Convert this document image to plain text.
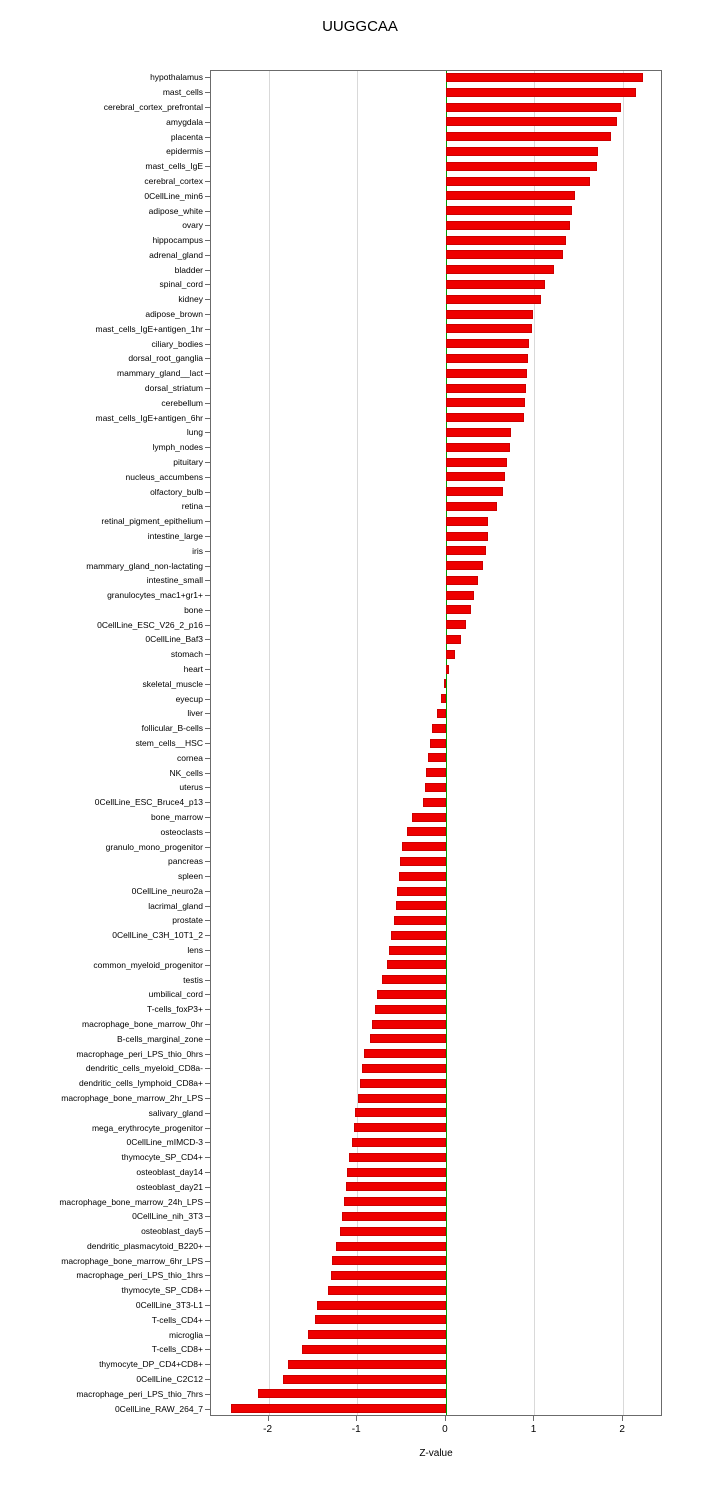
UUGGCAA
hypothalamus
mast_cells
cerebral_cortex_prefrontal
amygdala
placenta
epidermis
mast_cells_IgE
cerebral_cortex
0CellLine_min6
adipose_white
ovary
hippocampus
adrenal_gland
bladder
spinal_cord
kidney
adipose_brown
mast_cells_IgE+antigen_1hr
ciliary_bodies
dorsal_root_ganglia
mammary_gland__lact
dorsal_striatum
cerebellum
mast_cells_IgE+antigen_6hr
lung
lymph_nodes
pituitary
nucleus_accumbens
olfactory_bulb
retina
retinal_pigment_epithelium
intestine_large
iris
mammary_gland_non-lactating
intestine_small
granulocytes_mac1+gr1+
bone
0CellLine_ESC_V26_2_p16
0CellLine_Baf3
stomach
heart
skeletal_muscle
eyecup
liver
follicular_B-cells
stem_cells__HSC
cornea
NK_cells
uterus
0CellLine_ESC_Bruce4_p13
bone_marrow
osteoclasts
granulo_mono_progenitor
pancreas
spleen
0CellLine_neuro2a
lacrimal_gland
prostate
0CellLine_C3H_10T1_2
lens
common_myeloid_progenitor
testis
umbilical_cord
T-cells_foxP3+
macrophage_bone_marrow_0hr
B-cells_marginal_zone
macrophage_peri_LPS_thio_0hrs
dendritic_cells_myeloid_CD8a-
dendritic_cells_lymphoid_CD8a+
macrophage_bone_marrow_2hr_LPS
salivary_gland
mega_erythrocyte_progenitor
0CellLine_mIMCD-3
thymocyte_SP_CD4+
osteoblast_day14
osteoblast_day21
macrophage_bone_marrow_24h_LPS
0CellLine_nih_3T3
osteoblast_day5
dendritic_plasmacytoid_B220+
macrophage_bone_marrow_6hr_LPS
macrophage_peri_LPS_thio_1hrs
thymocyte_SP_CD8+
0CellLine_3T3-L1
T-cells_CD4+
microglia
T-cells_CD8+
thymocyte_DP_CD4+CD8+
0CellLine_C2C12
macrophage_peri_LPS_thio_7hrs
0CellLine_RAW_264_7
-2	-1	0	1	2
Z-value
